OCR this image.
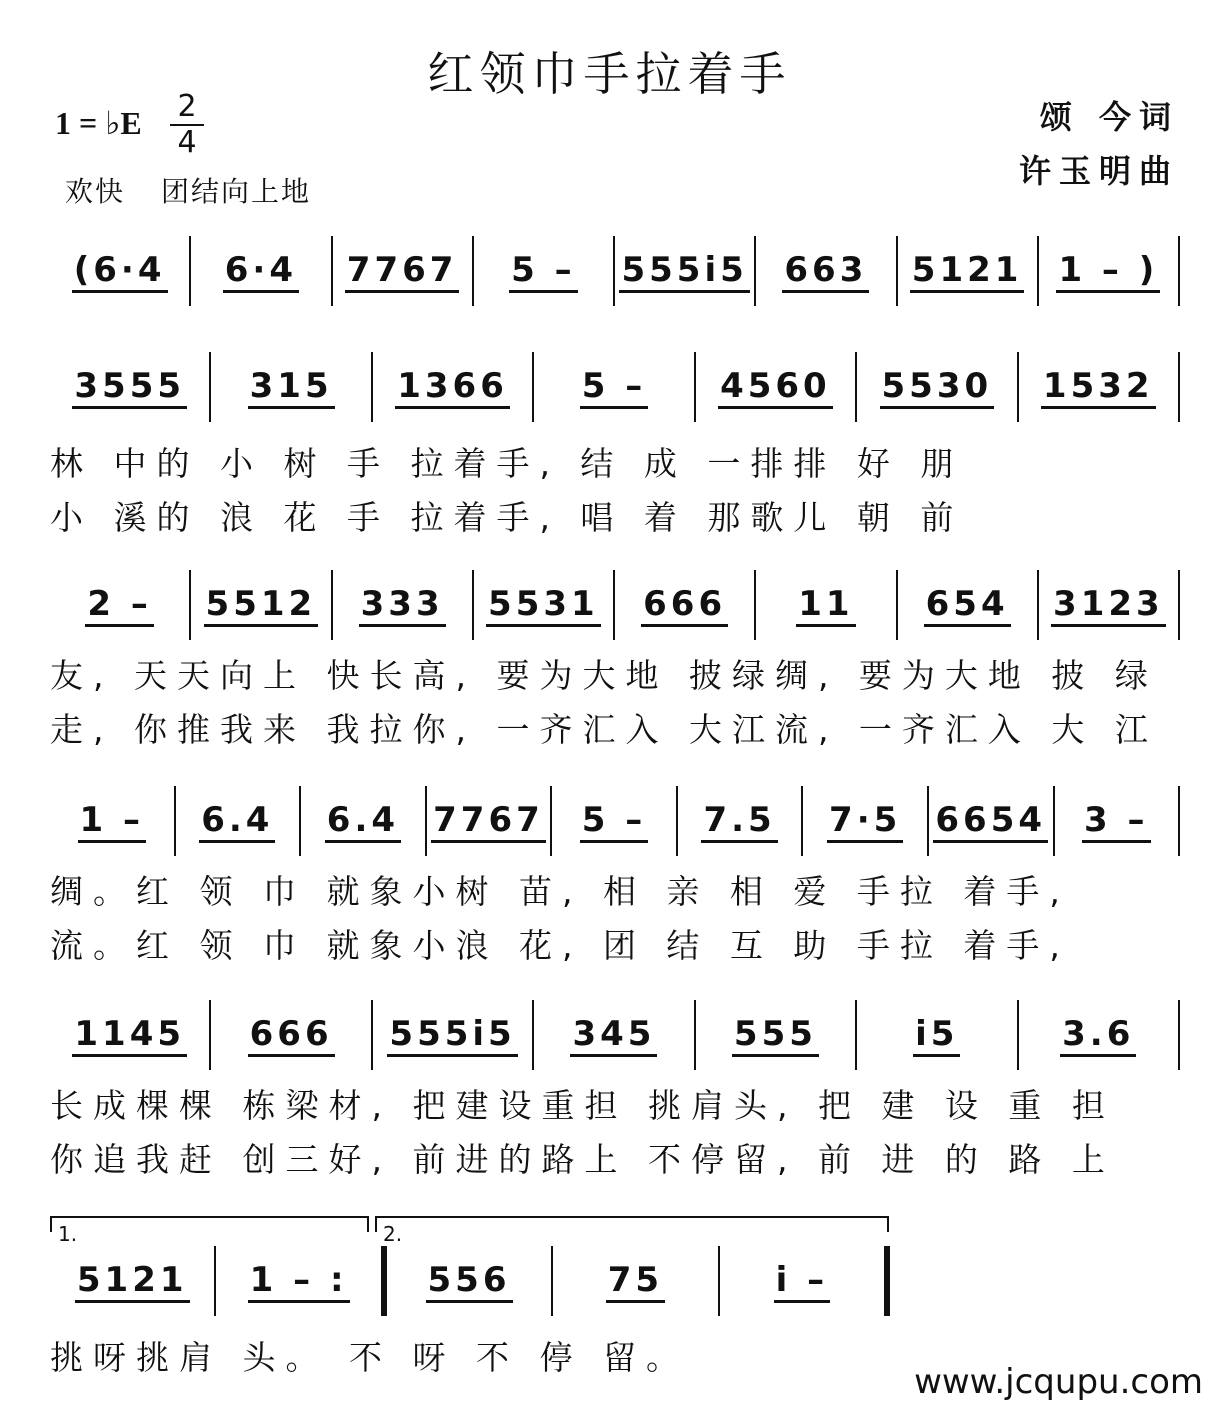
红领巾手拉着手
1 = ♭E $\frac{2}{4}$
欢快 团结向上地
颂 今词
许玉明曲
(6·4 6·4 7767 5 – 555i5 663 5121 1 – )
3555 315 1366 5 – 4560 5530 1532
林 中的 小 树 手 拉着手, 结 成 一排排 好 朋
小 溪的 浪 花 手 拉着手, 唱 着 那歌儿 朝 前
2 – 5512 333 5531 666 11 654 3123
友, 天天向上 快长高, 要为大地 披绿绸, 要为大地 披 绿
走, 你推我来 我拉你, 一齐汇入 大江流, 一齐汇入 大 江
1 – 6.4 6.4 7767 5 – 7.5 7·5 6654 3 –
绸。红 领 巾 就象小树 苗, 相 亲 相 爱 手拉 着手,
流。红 领 巾 就象小浪 花, 团 结 互 助 手拉 着手,
1145 666 555i5 345 555	i5	3.6
长成棵棵 栋梁材, 把建设重担 挑肩头, 把 建 设 重 担
你追我赶 创三好, 前进的路上 不停留, 前 进 的 路 上
5121 1 – : 556	75	i –
挑呀挑肩 头。 不 呀 不 停 留。
www.jcqupu.com
1.	2.
